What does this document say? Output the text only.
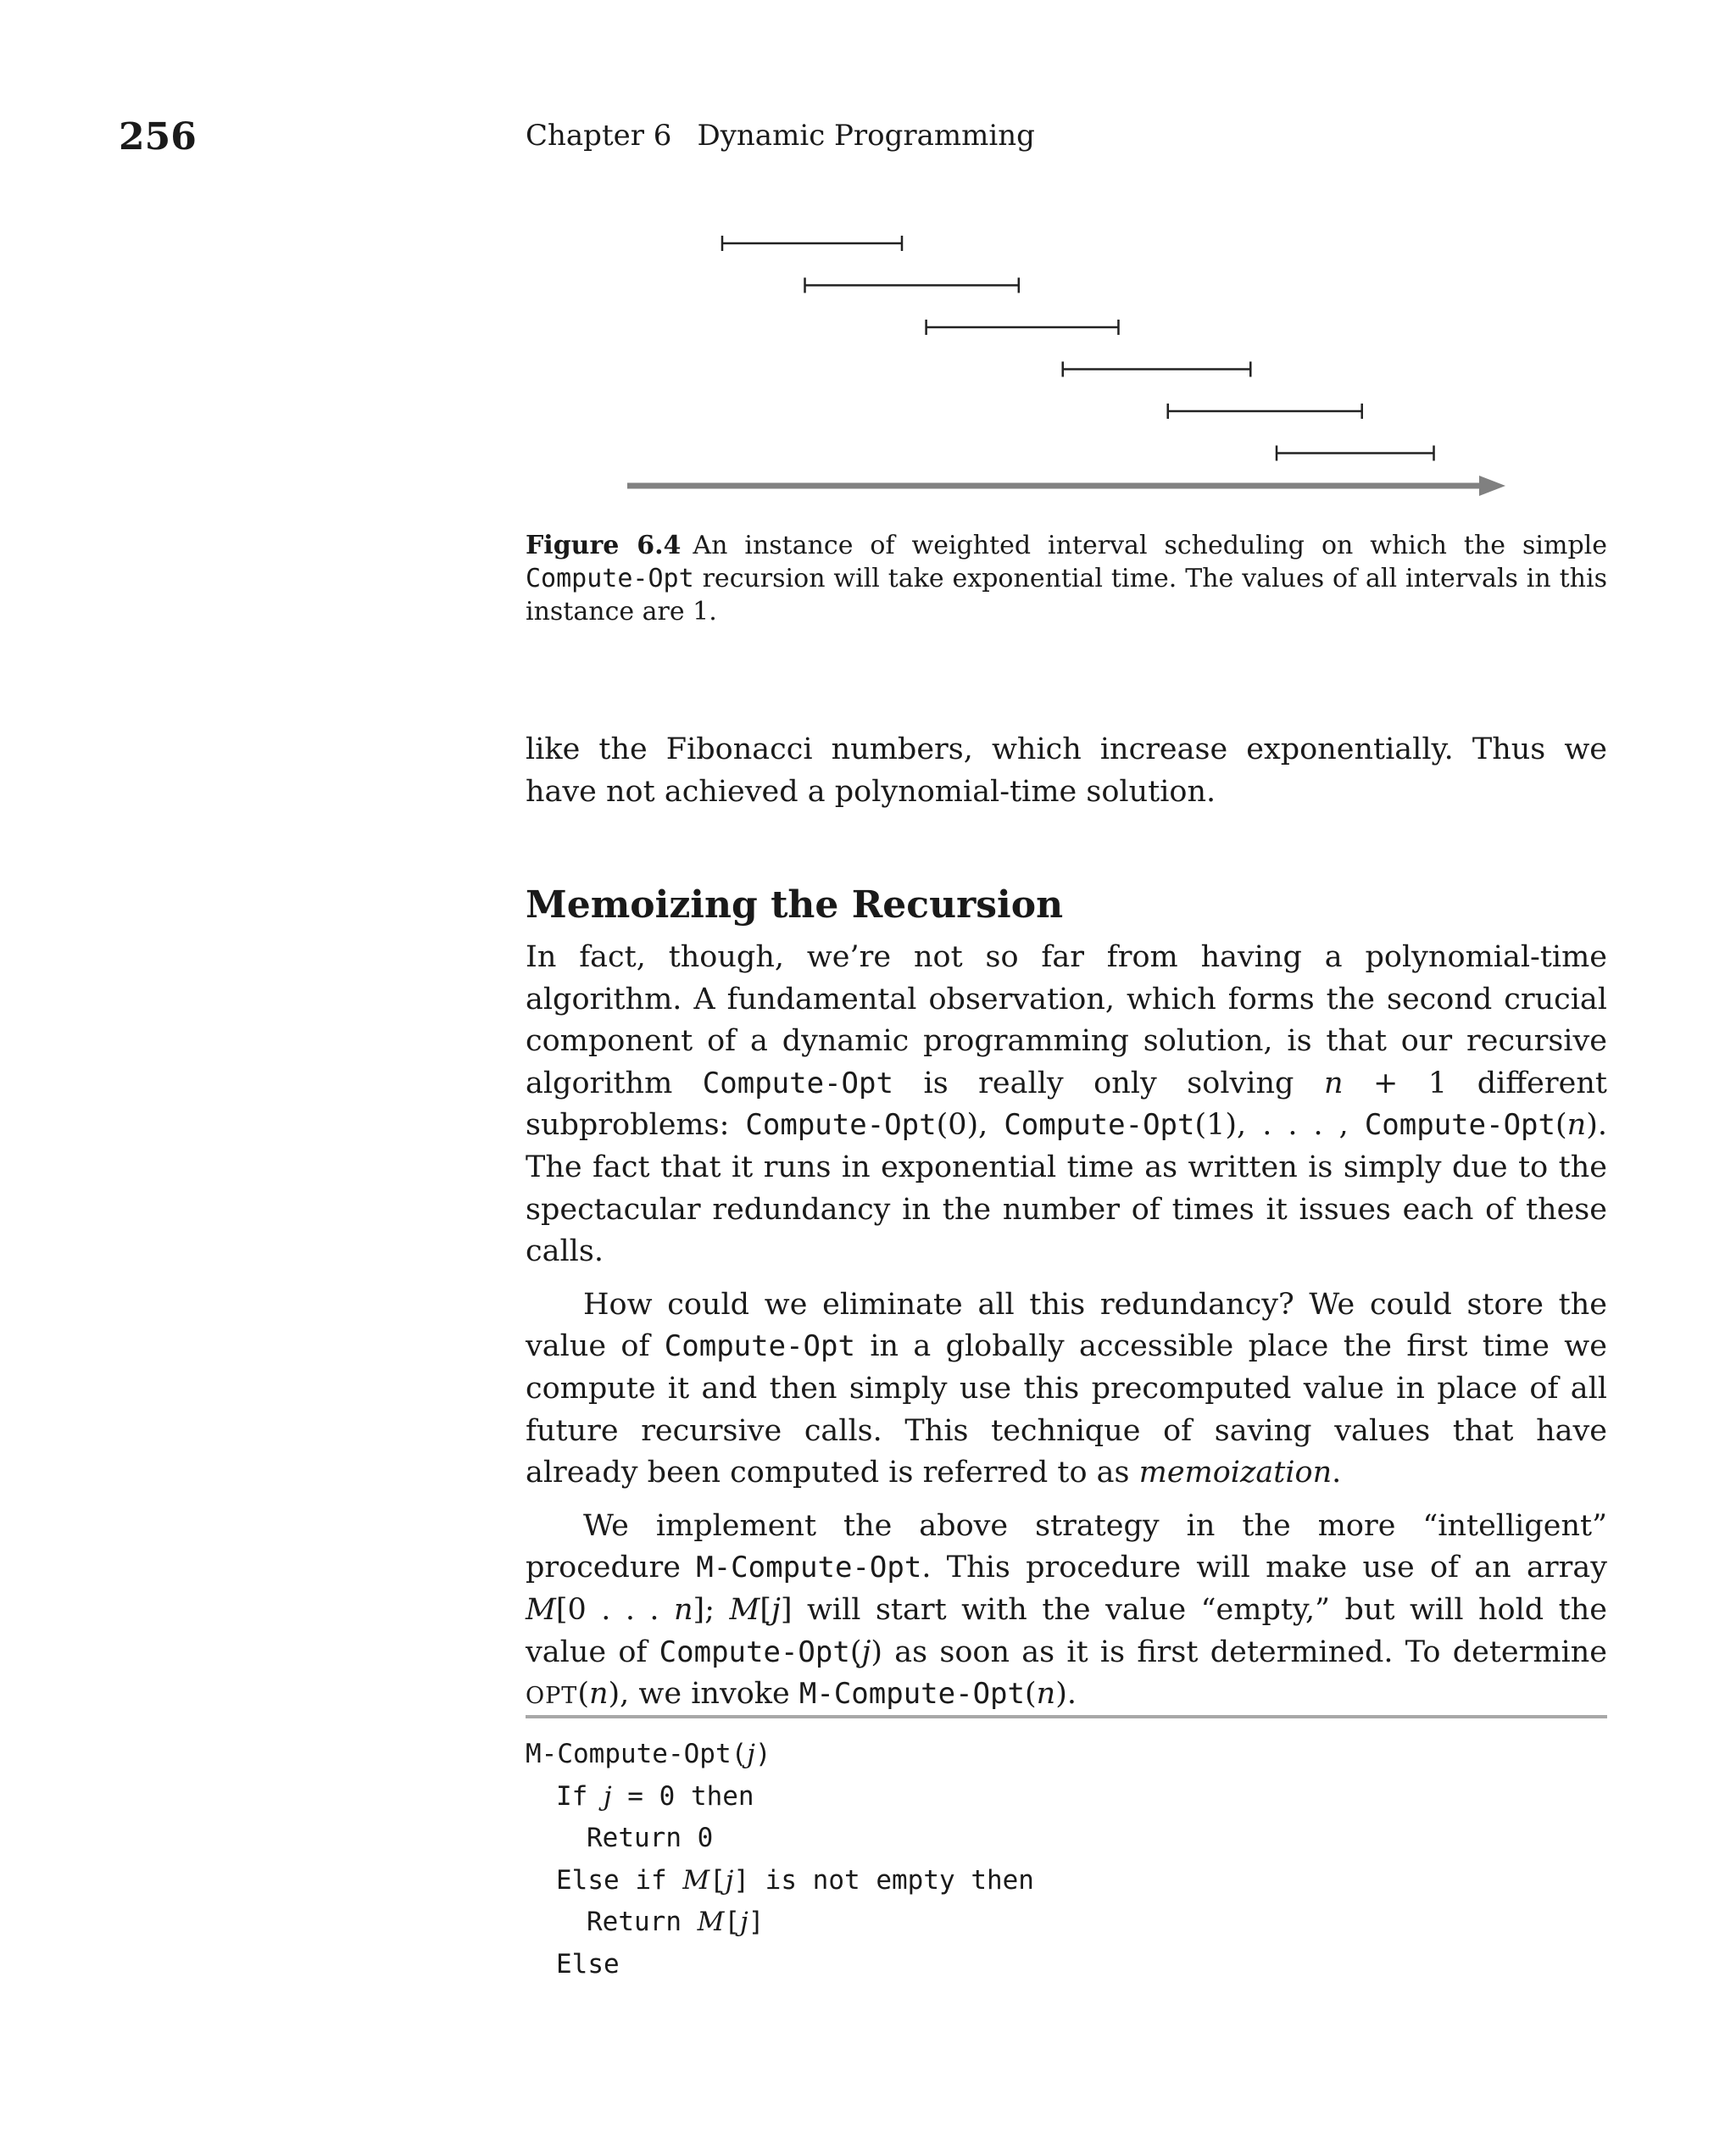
256	Chapter 6 Dynamic Programming
Figure 6.4 An instance of weighted interval scheduling on which the simple Compute-Opt recursion will take exponential time. The values of all intervals in this instance are 1.

like the Fibonacci numbers, which increase exponentially. Thus we have not achieved a polynomial-time solution.

Memoizing the Recursion

In fact, though, we’re not so far from having a polynomial-time algorithm. A fundamental observation, which forms the second crucial component of a dynamic programming solution, is that our recursive algorithm Compute-Opt is really only solving n + 1 different subproblems: Compute-Opt(0), Compute-Opt(1), . . . , Compute-Opt(n). The fact that it runs in exponential time as written is simply due to the spectacular redundancy in the number of times it issues each of these calls.

How could we eliminate all this redundancy? We could store the value of Compute-Opt in a globally accessible place the first time we compute it and then simply use this precomputed value in place of all future recursive calls. This technique of saving values that have already been computed is referred to as memoization.

We implement the above strategy in the more “intelligent” procedure M-Compute-Opt. This procedure will make use of an array M[0 . . . n]; M[j] will start with the value “empty,” but will hold the value of Compute-Opt(j) as soon as it is first determined. To determine OPT(n), we invoke M-Compute-Opt(n).

M-Compute-Opt(j)
If j = 0 then
Return 0
Else if M[j] is not empty then
Return M[j]
Else
